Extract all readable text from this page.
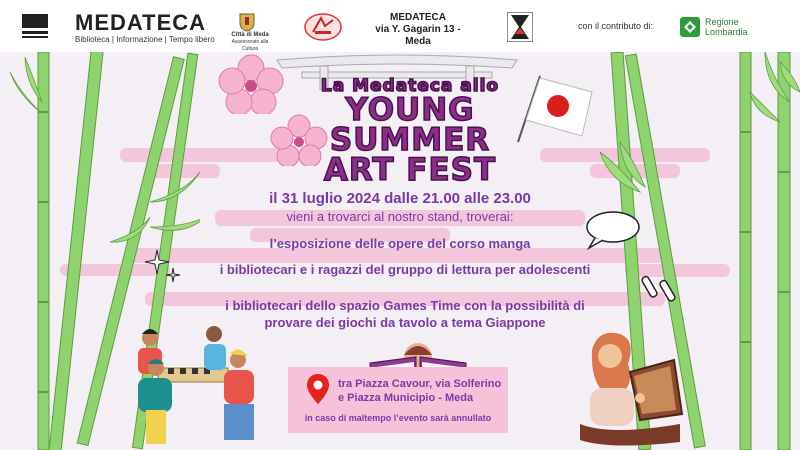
MEDATECA
Biblioteca | Informazione | Tempo libero	Città di Meda
Assessorato alla Cultura
MEDATECA
via Y. Gagarin 13 -
Meda
con il contributo di:	Regione
Lombardia
La Medateca allo
YOUNG
SUMMER
ART FEST
il 31 luglio 2024 dalle 21.00 alle 23.00
vieni a trovarci al nostro stand, troverai:
l’esposizione delle opere del corso manga
i bibliotecari e i ragazzi del gruppo di lettura per adolescenti
i bibliotecari dello spazio Games Time con la possibilità di
provare dei giochi da tavolo a tema Giappone
tra Piazza Cavour, via Solferino
e Piazza Municipio - Meda
in caso di maltempo l’evento sarà annullato
